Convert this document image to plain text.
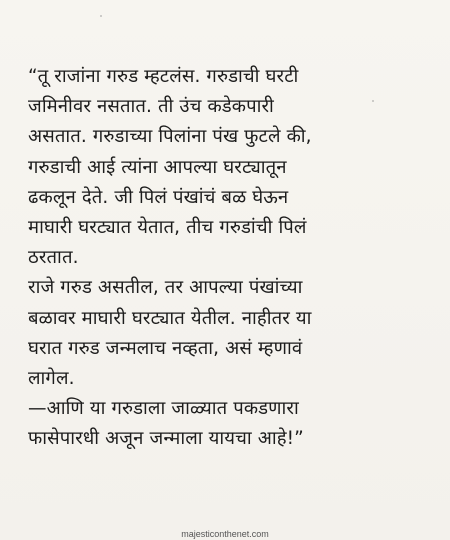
“तू राजांना गरुड म्हटलंस. गरुडाची घरटी
जमिनीवर नसतात. ती उंच कडेकपारी
असतात. गरुडाच्या पिलांना पंख फुटले की,
गरुडाची आई त्यांना आपल्या घरट्यातून
ढकलून देते. जी पिलं पंखांचं बळ घेऊन
माघारी घरट्यात येतात, तीच गरुडांची पिलं
ठरतात.
राजे गरुड असतील, तर आपल्या पंखांच्या
बळावर माघारी घरट्यात येतील. नाहीतर या
घरात गरुड जन्मलाच नव्हता, असं म्हणावं
लागेल.
—आणि या गरुडाला जाळ्यात पकडणारा
फासेपारधी अजून जन्माला यायचा आहे!”
majesticonthenet.com
